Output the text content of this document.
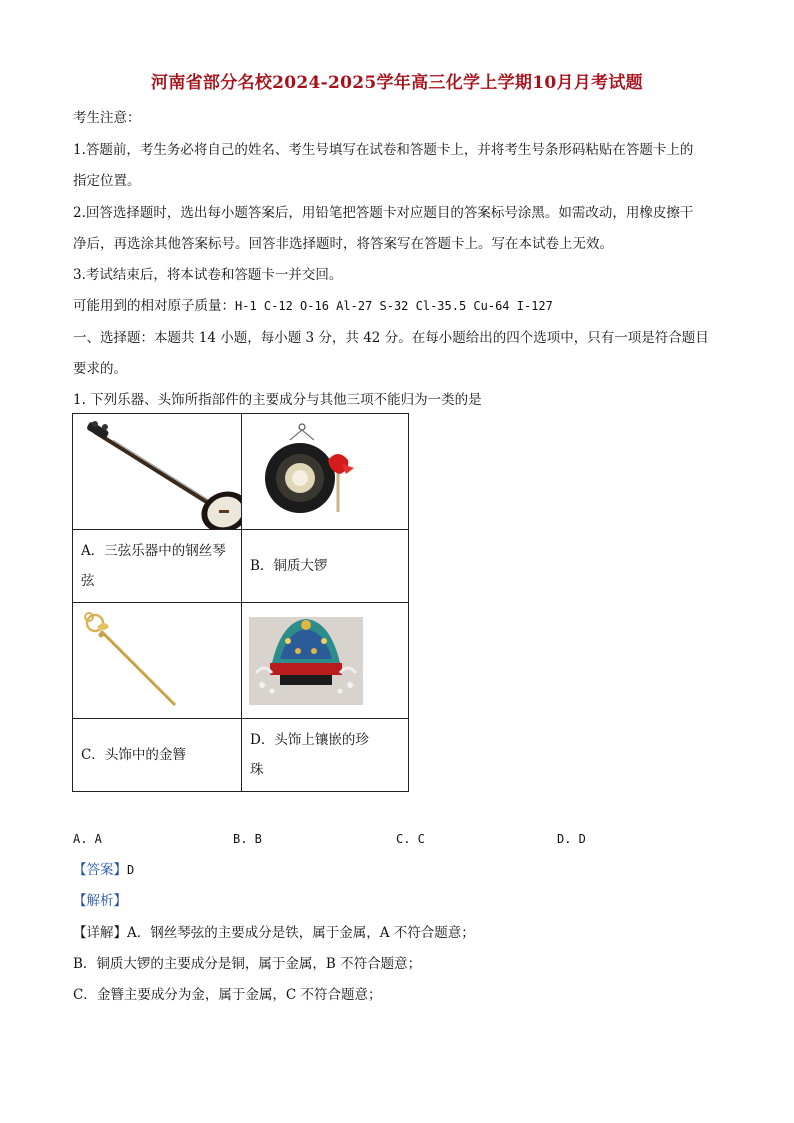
河南省部分名校2024-2025学年高三化学上学期10月月考试题
考生注意：
1.答题前，考生务必将自己的姓名、考生号填写在试卷和答题卡上，并将考生号条形码粘贴在答题卡上的
指定位置。
2.回答选择题时，选出每小题答案后，用铅笔把答题卡对应题目的答案标号涂黑。如需改动，用橡皮擦干
净后，再选涂其他答案标号。回答非选择题时，将答案写在答题卡上。写在本试卷上无效。
3.考试结束后，将本试卷和答题卡一并交回。
可能用到的相对原子质量：H-1 C-12 O-16 Al-27 S-32 Cl-35.5 Cu-64 I-127
一、选择题：本题共 14 小题，每小题 3 分，共 42 分。在每小题给出的四个选项中，只有一项是符合题目
要求的。
1. 下列乐器、头饰所指部件的主要成分与其他三项不能归为一类的是

A．三弦乐器中的钢丝琴
弦	B．铜质大锣

C．头饰中的金簪	D．头饰上镶嵌的珍
珠
A. A	B. B	C. C	D. D
【答案】D
【解析】
【详解】A．钢丝琴弦的主要成分是铁，属于金属，A 不符合题意；
B．铜质大锣的主要成分是铜，属于金属，B 不符合题意；
C．金簪主要成分为金，属于金属，C 不符合题意；
